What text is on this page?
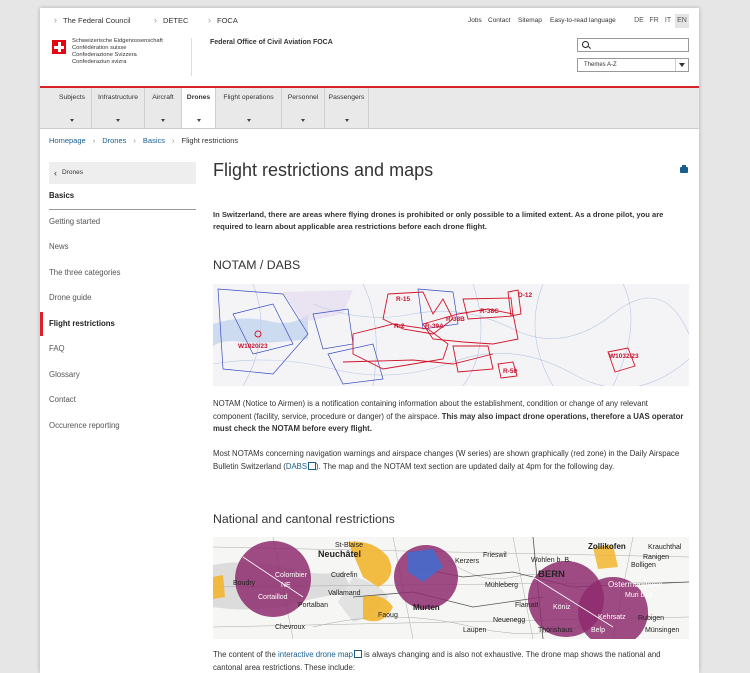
› The Federal Council	› DETEC › FOCA	Jobs Contact Sitemap Easy-to-read language	DE FR IT EN
Schweizerische Eidgenossenschaft
Confédération suisse
Confederazione Svizzera
Confederaziun svizra
Federal Office of Civil Aviation FOCA
Themes A-Z
Subjects	Infrastructure	Aircraft	Drones	Flight operations	Personnel	Passengers
Homepage › Drones › Basics › Flight restrictions
‹ Drones
Basics
Getting started
News
The three categories
Drone guide
Flight restrictions
FAQ
Glossary
Contact
Occurence reporting
Flight restrictions and maps
In Switzerland, there are areas where flying drones is prohibited or only possible to a limited extent. As a drone pilot, you are required to learn about applicable area restrictions before each drone flight.
NOTAM / DABS
R-15
D-12
R-38C
R-38B
R-39A
R-2
W1020/23
W1032/23
R-50
NOTAM (Notice to Airmen) is a notification containing information about the establishment, condition or change of any relevant component (facility, service, procedure or danger) of the airspace. This may also impact drone operations, therefore a UAS operator must check the NOTAM before every flight.
Most NOTAMs concerning navigation warnings and airspace changes (W series) are shown graphically (red zone) in the Daily Airspace Bulletin Switzerland (DABS ). The map and the NOTAM text section are updated daily at 4pm for the following day.
National and cantonal restrictions
St-Blaise
Neuchâtel
Colombier
NE
Cudrefin
Boudry
Cortaillod
Portalban
Kerzers
Frieswil
Wohlen b. B.
Zollikofen
BERN
Ostermundigen
Mühleberg
Murten
Neuenegg
Köniz
Laupen	Belp	Münsingen
Rubigen
Bolligen
Krauchthal
Ranigen
Muri b. B.
Vallamand
Faoug
Chevroux	Thörishaus
Flamatt
Kehrsatz
The content of the interactive drone map is always changing and is also not exhaustive. The drone map shows the national and cantonal area restrictions. These include:
